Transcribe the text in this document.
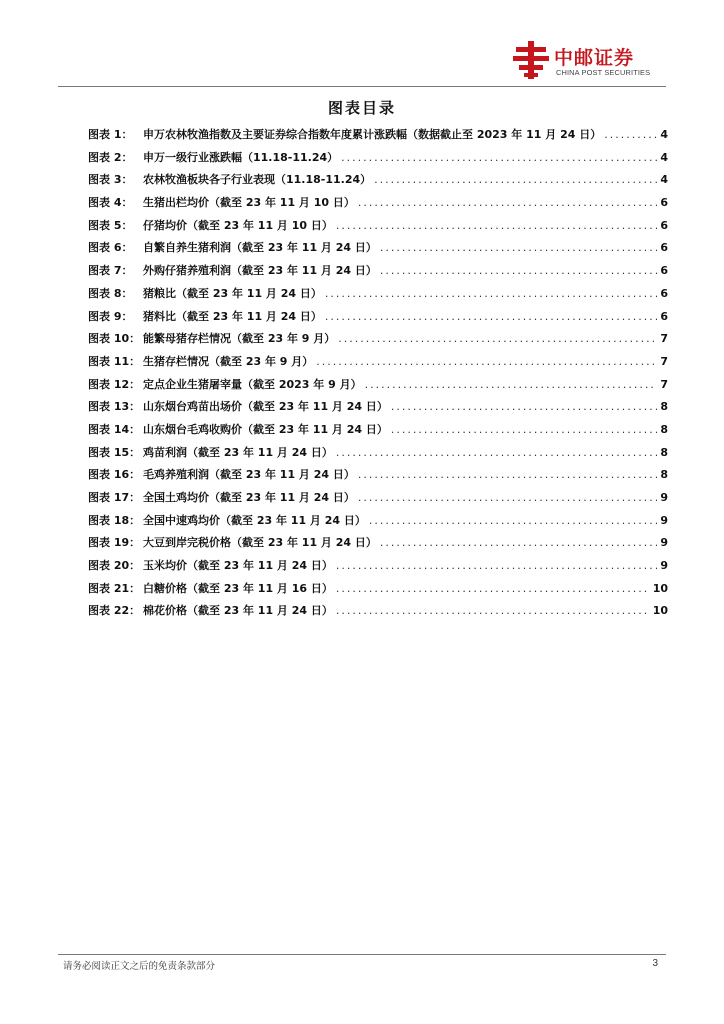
中邮证券
CHINA POST SECURITIES
图表目录
图表 1： 申万农林牧渔指数及主要证券综合指数年度累计涨跌幅（数据截止至 2023 年 11 月 24 日） .....	4
图表 2： 申万一级行业涨跌幅（11.18-11.24） .....	4
图表 3： 农林牧渔板块各子行业表现（11.18-11.24） .....	4
图表 4： 生猪出栏均价（截至 23 年 11 月 10 日） .....	6
图表 5： 仔猪均价（截至 23 年 11 月 10 日） .....	6
图表 6： 自繁自养生猪利润（截至 23 年 11 月 24 日） .....	6
图表 7： 外购仔猪养殖利润（截至 23 年 11 月 24 日） .....	6
图表 8： 猪粮比（截至 23 年 11 月 24 日） .....	6
图表 9： 猪料比（截至 23 年 11 月 24 日） .....	6
图表 10： 能繁母猪存栏情况（截至 23 年 9 月） .....	7
图表 11： 生猪存栏情况（截至 23 年 9 月） .....	7
图表 12： 定点企业生猪屠宰量（截至 2023 年 9 月） .....	7
图表 13： 山东烟台鸡苗出场价（截至 23 年 11 月 24 日） .....	8
图表 14： 山东烟台毛鸡收购价（截至 23 年 11 月 24 日） .....	8
图表 15： 鸡苗利润（截至 23 年 11 月 24 日） .....	8
图表 16： 毛鸡养殖利润（截至 23 年 11 月 24 日） .....	8
图表 17： 全国土鸡均价（截至 23 年 11 月 24 日） .....	9
图表 18： 全国中速鸡均价（截至 23 年 11 月 24 日） .....	9
图表 19： 大豆到岸完税价格（截至 23 年 11 月 24 日） .....	9
图表 20： 玉米均价（截至 23 年 11 月 24 日） .....	9
图表 21： 白糖价格（截至 23 年 11 月 16 日） .....	10
图表 22： 棉花价格（截至 23 年 11 月 24 日） .....	10
请务必阅读正文之后的免责条款部分	3
